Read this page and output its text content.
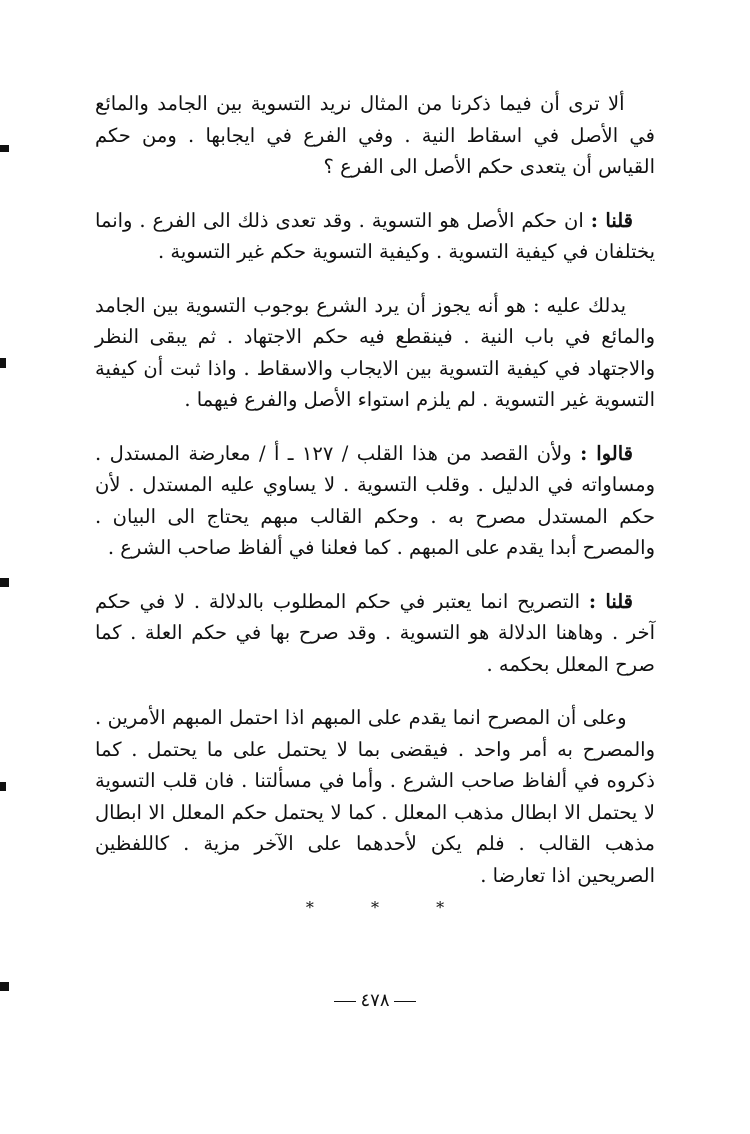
ألا ترى أن فيما ذكرنا من المثال نريد التسوية بين الجامد والمائع في الأصل في اسقاط النية . وفي الفرع في ايجابها . ومن حكم القياس أن يتعدى حكم الأصل الى الفرع ؟

قلنا : ان حكم الأصل هو التسوية . وقد تعدى ذلك الى الفرع . وانما يختلفان في كيفية التسوية . وكيفية التسوية حكم غير التسوية .

يدلك عليه : هو أنه يجوز أن يرد الشرع بوجوب التسوية بين الجامد والمائع في باب النية . فينقطع فيه حكم الاجتهاد . ثم يبقى النظر والاجتهاد في كيفية التسوية بين الايجاب والاسقاط . واذا ثبت أن كيفية التسوية غير التسوية . لم يلزم استواء الأصل والفرع فيهما .

قالوا : ولأن القصد من هذا القلب / ١٢٧ ـ أ / معارضة المستدل . ومساواته في الدليل . وقلب التسوية . لا يساوي عليه المستدل . لأن حكم المستدل مصرح به . وحكم القالب مبهم يحتاج الى البيان . والمصرح أبدا يقدم على المبهم . كما فعلنا في ألفاظ صاحب الشرع .

قلنا : التصريح انما يعتبر في حكم المطلوب بالدلالة . لا في حكم آخر . وهاهنا الدلالة هو التسوية . وقد صرح بها في حكم العلة . كما صرح المعلل بحكمه .

وعلى أن المصرح انما يقدم على المبهم اذا احتمل المبهم الأمرين . والمصرح به أمر واحد . فيقضى بما لا يحتمل على ما يحتمل . كما ذكروه في ألفاظ صاحب الشرع . وأما في مسألتنا . فان قلب التسوية لا يحتمل الا ابطال مذهب المعلل . كما لا يحتمل حكم المعلل الا ابطال مذهب القالب . فلم يكن لأحدهما على الآخر مزية . كاللفظين الصريحين اذا تعارضا .

* * *
٤٧٨
